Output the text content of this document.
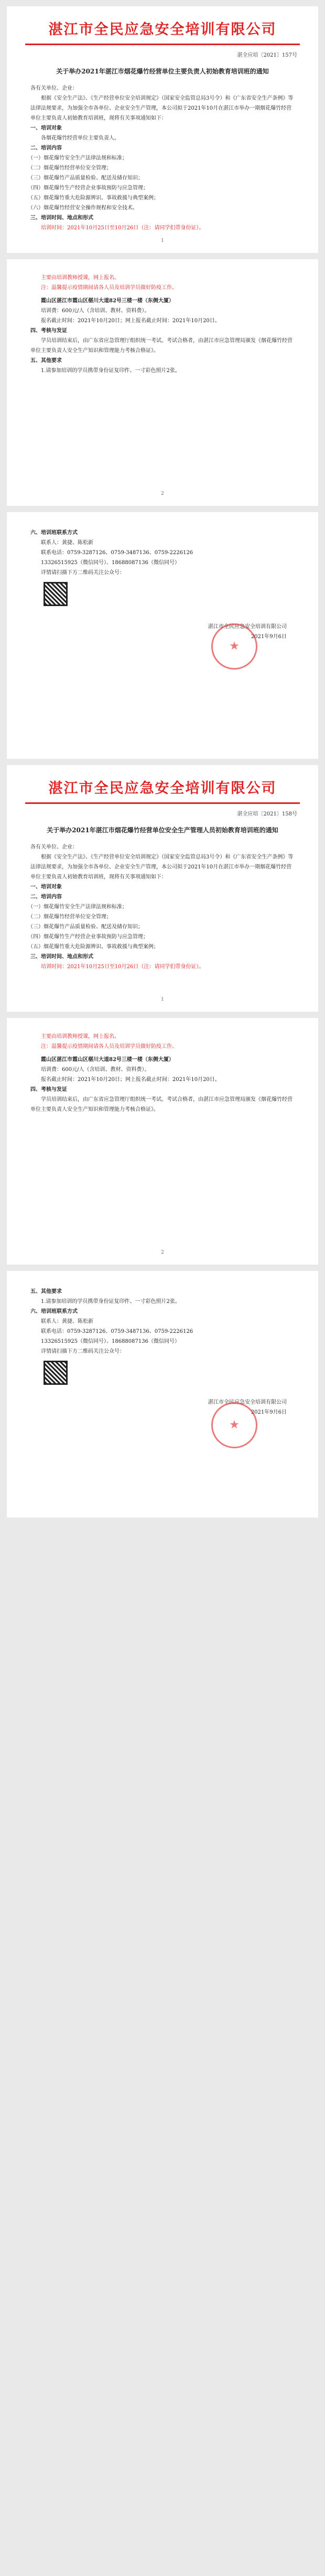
湛江市全民应急安全培训有限公司
湛全应培〔2021〕157号
关于举办2021年湛江市烟花爆竹经营单位主要负责人初始教育培训班的通知
各有关单位、企业：
根据《安全生产法》、《生产经营单位安全培训规定》（国家安全监管总局3号令）和《广东省安全生产条例》等法律法规要求，为加强全市各单位、企业安全生产管理，本公司拟于2021年10月在湛江市举办一期烟花爆竹经营单位主要负责人初始教育培训班，现将有关事项通知如下：
一、培训对象
各烟花爆竹经营单位主要负责人。
二、培训内容
（一）烟花爆竹安全生产法律法规和标准；
（二）烟花爆竹经营单位安全管理；
（三）烟花爆竹产品质量检验、配送及储存知识；
（四）烟花爆竹生产经营企业事故预防与应急管理；
（五）烟花爆竹重大危险源辨识、事故救援与典型案例；
（六）烟花爆竹经营安全操作规程和安全技术。
三、培训时间、地点和形式
培训时间：2021年10月25日至10月26日（注：请同学们带身份证）。
1
主要由培训教师授课，网上报名。
注：温馨提示疫情期间请各人员及培训学员做好防疫工作。
霞山区湛江市霞山区椹川大道82号三楼一楼（东侧大厦）
培训费：600元/人（含培训、教材、资料费）。
报名截止时间：2021年10月20日；网上报名截止时间：2021年10月20日。
四、考核与发证
学员培训结束后，由广东省应急管理厅组织统一考试。考试合格者，由湛江市应急管理局颁发《烟花爆竹经营单位主要负责人安全生产知识和管理能力考核合格证》。
五、其他要求
1.请参加培训的学员携带身份证复印件、一寸彩色照片2张。
2
六、培训班联系方式
联系人：黄捷、陈松新
联系电话：0759-3287126、0759-3487136、0759-2226126
13326515925（微信同号）、18688087136（微信同号）
详情请扫描下方二维码关注公众号：
湛江市全民应急安全培训有限公司
2021年9月6日
★
湛江市全民应急安全培训有限公司
湛全应培〔2021〕158号
关于举办2021年湛江市烟花爆竹经营单位安全生产管理人员初始教育培训班的通知
各有关单位、企业：
根据《安全生产法》、《生产经营单位安全培训规定》（国家安全监管总局3号令）和《广东省安全生产条例》等法律法规要求，为加强全市各单位、企业安全生产管理，本公司拟于2021年10月在湛江市举办一期烟花爆竹经营单位主要负责人初始教育培训班，现将有关事项通知如下：
一、培训对象
二、培训内容
（一）烟花爆竹安全生产法律法规和标准；
（二）烟花爆竹经营单位安全管理；
（三）烟花爆竹产品质量检验、配送及储存知识；
（四）烟花爆竹生产经营企业事故预防与应急管理；
（五）烟花爆竹重大危险源辨识、事故救援与典型案例；
三、培训时间、地点和形式
培训时间：2021年10月25日至10月26日（注：请同学们带身份证）。
1
主要由培训教师授课，网上报名。
注：温馨提示疫情期间请各人员及培训学员做好防疫工作。
霞山区湛江市霞山区椹川大道82号三楼一楼（东侧大厦）
培训费：600元/人（含培训、教材、资料费）。
报名截止时间：2021年10月20日；网上报名截止时间：2021年10月20日。
四、考核与发证
学员培训结束后，由广东省应急管理厅组织统一考试。考试合格者，由湛江市应急管理局颁发《烟花爆竹经营单位主要负责人安全生产知识和管理能力考核合格证》。
2
五、其他要求
1.请参加培训的学员携带身份证复印件、一寸彩色照片2张。
六、培训班联系方式
联系人：黄捷、陈松新
联系电话：0759-3287126、0759-3487136、0759-2226126
13326515925（微信同号）、18688087136（微信同号）
详情请扫描下方二维码关注公众号：
湛江市全民应急安全培训有限公司
2021年9月6日
★
